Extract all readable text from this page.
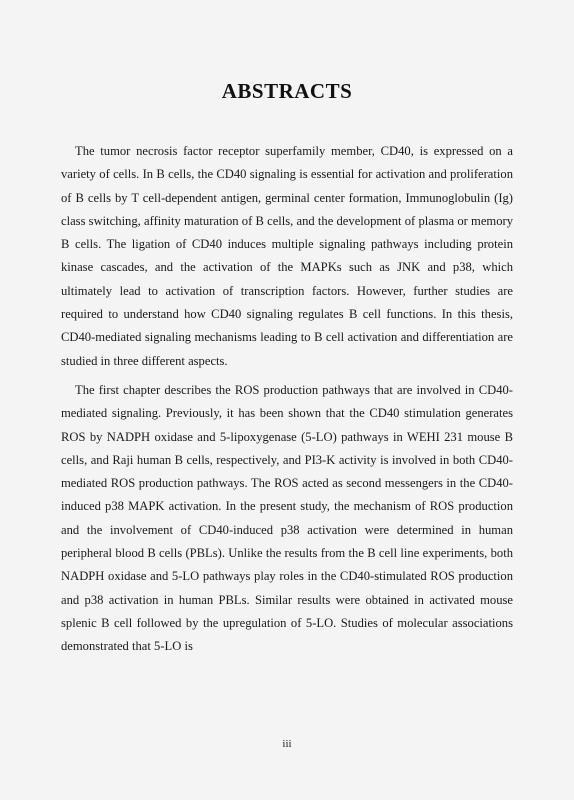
ABSTRACTS

The tumor necrosis factor receptor superfamily member, CD40, is expressed on a variety of cells. In B cells, the CD40 signaling is essential for activation and proliferation of B cells by T cell-dependent antigen, germinal center formation, Immunoglobulin (Ig) class switching, affinity maturation of B cells, and the development of plasma or memory B cells. The ligation of CD40 induces multiple signaling pathways including protein kinase cascades, and the activation of the MAPKs such as JNK and p38, which ultimately lead to activation of transcription factors. However, further studies are required to understand how CD40 signaling regulates B cell functions. In this thesis, CD40-mediated signaling mechanisms leading to B cell activation and differentiation are studied in three different aspects.

The first chapter describes the ROS production pathways that are involved in CD40-mediated signaling. Previously, it has been shown that the CD40 stimulation generates ROS by NADPH oxidase and 5-lipoxygenase (5-LO) pathways in WEHI 231 mouse B cells, and Raji human B cells, respectively, and PI3-K activity is involved in both CD40-mediated ROS production pathways. The ROS acted as second messengers in the CD40-induced p38 MAPK activation. In the present study, the mechanism of ROS production and the involvement of CD40-induced p38 activation were determined in human peripheral blood B cells (PBLs). Unlike the results from the B cell line experiments, both NADPH oxidase and 5-LO pathways play roles in the CD40-stimulated ROS production and p38 activation in human PBLs. Similar results were obtained in activated mouse splenic B cell followed by the upregulation of 5-LO. Studies of molecular associations demonstrated that 5-LO is

iii
